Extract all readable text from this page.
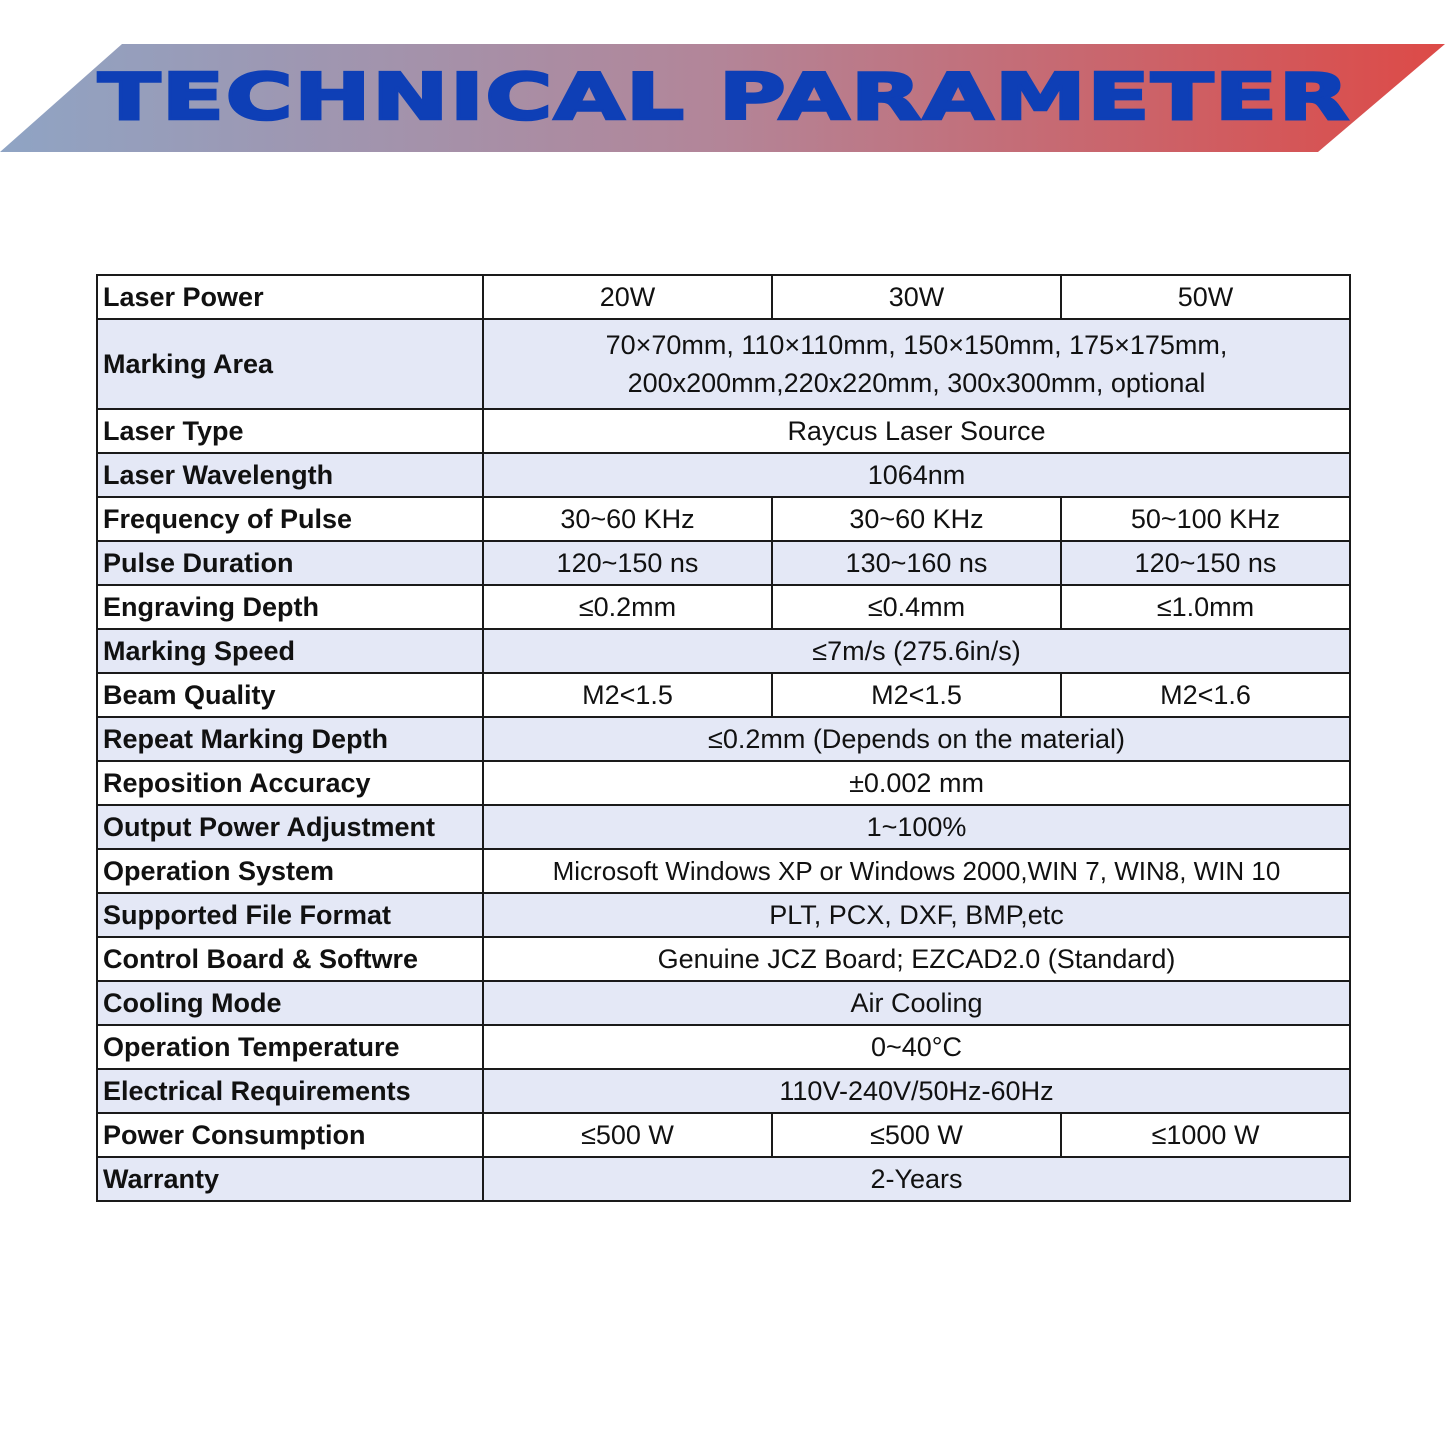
TECHNICAL PARAMETER
Laser Power	20W	30W	50W
Marking Area	70×70mm, 110×110mm, 150×150mm, 175×175mm,
200x200mm,220x220mm, 300x300mm, optional		

Laser Type	Raycus Laser Source		
Laser Wavelength	1064nm		
Frequency of Pulse	30~60 KHz	30~60 KHz	50~100 KHz
Pulse Duration	120~150 ns	130~160 ns	120~150 ns
Engraving Depth	≤0.2mm	≤0.4mm	≤1.0mm
Marking Speed	≤7m/s (275.6in/s)		
Beam Quality	M2<1.5	M2<1.5	M2<1.6
Repeat Marking Depth	≤0.2mm (Depends on the material)		
Reposition Accuracy	±0.002 mm		
Output Power Adjustment	1~100%		
Operation System	Microsoft Windows XP or Windows 2000,WIN 7, WIN8, WIN 10		
Supported File Format	PLT, PCX, DXF, BMP,etc		
Control Board & Softwre	Genuine JCZ Board; EZCAD2.0 (Standard)		
Cooling Mode	Air Cooling		
Operation Temperature	0~40°C		
Electrical Requirements	110V-240V/50Hz-60Hz		
Power Consumption	≤500 W	≤500 W	≤1000 W
Warranty	2-Years		
